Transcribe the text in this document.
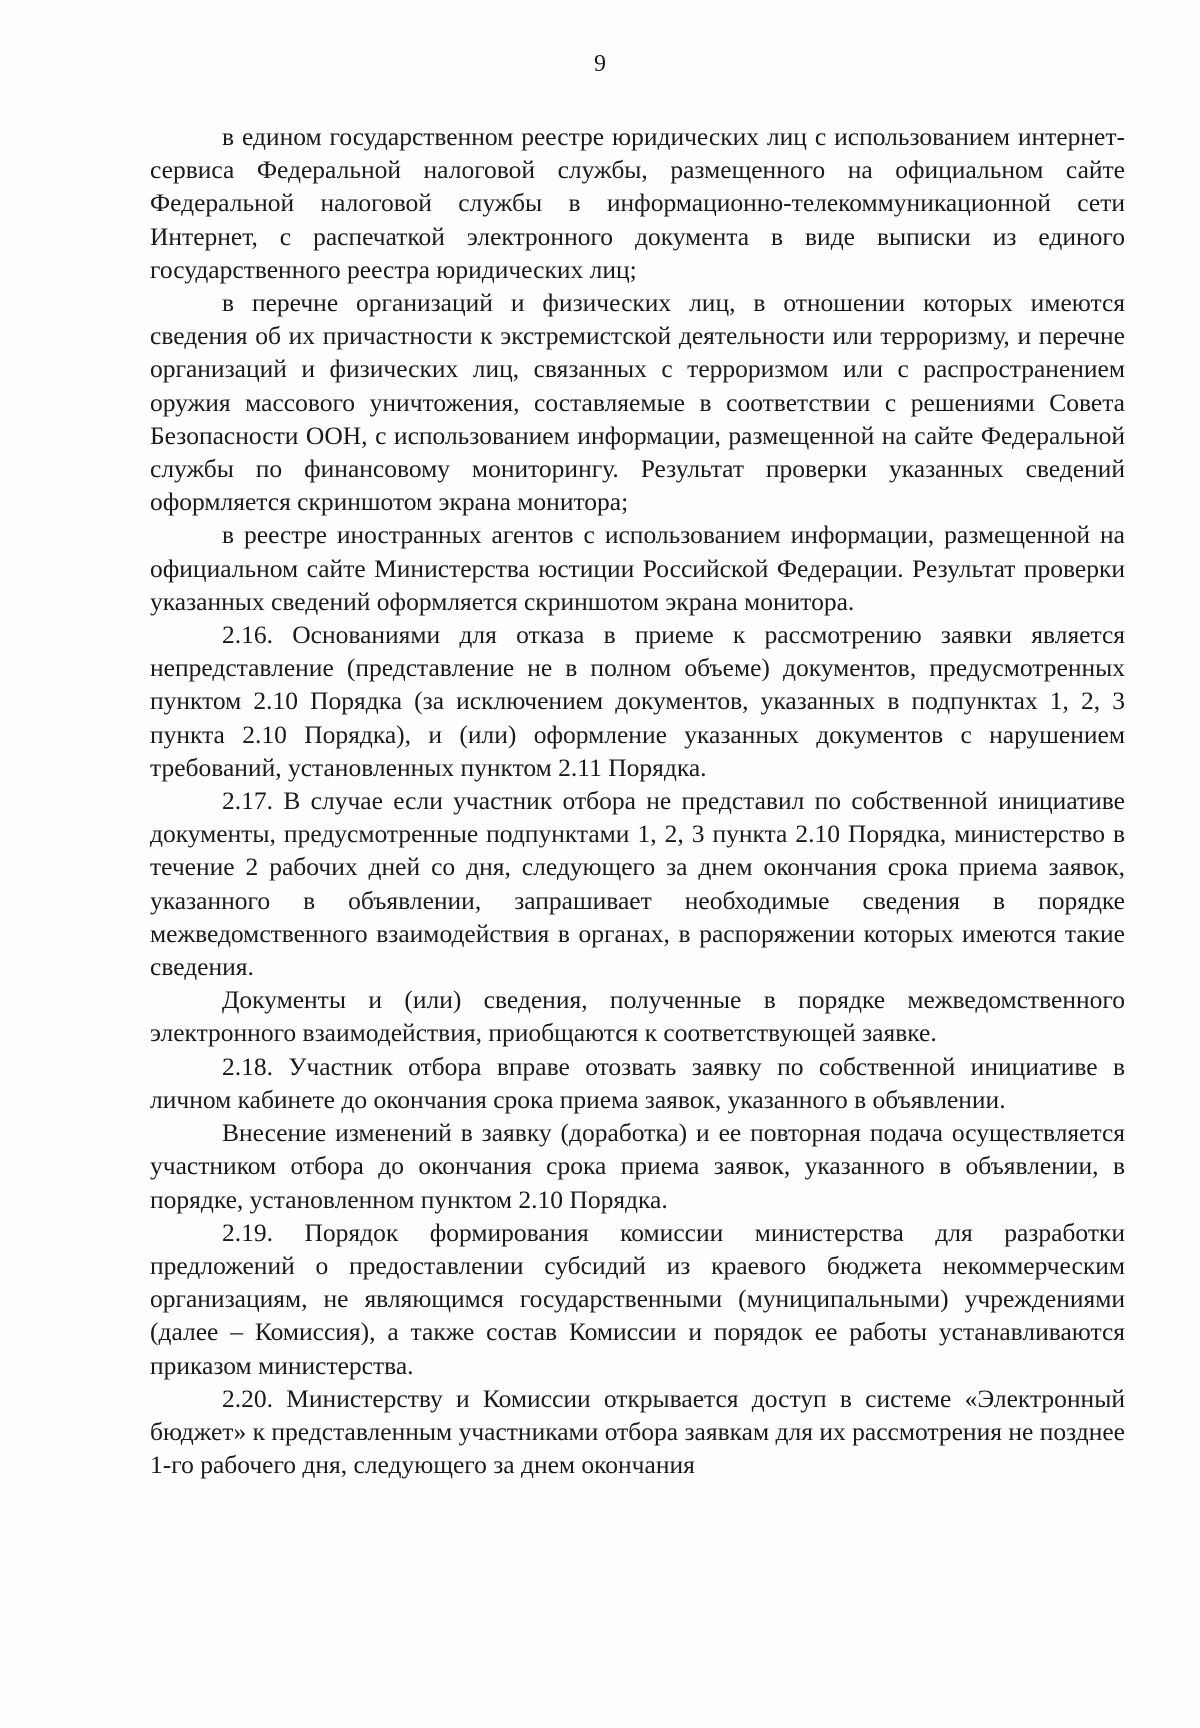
9

в едином государственном реестре юридических лиц с использованием интернет-сервиса Федеральной налоговой службы, размещенного на официальном сайте Федеральной налоговой службы в информационно-телекоммуникационной сети Интернет, с распечаткой электронного документа в виде выписки из единого государственного реестра юридических лиц;

в перечне организаций и физических лиц, в отношении которых имеются сведения об их причастности к экстремистской деятельности или терроризму, и перечне организаций и физических лиц, связанных с терроризмом или с распространением оружия массового уничтожения, составляемые в соответствии с решениями Совета Безопасности ООН, с использованием информации, размещенной на сайте Федеральной службы по финансовому мониторингу. Результат проверки указанных сведений оформляется скриншотом экрана монитора;

в реестре иностранных агентов с использованием информации, размещенной на официальном сайте Министерства юстиции Российской Федерации. Результат проверки указанных сведений оформляется скриншотом экрана монитора.

2.16. Основаниями для отказа в приеме к рассмотрению заявки является непредставление (представление не в полном объеме) документов, предусмотренных пунктом 2.10 Порядка (за исключением документов, указанных в подпунктах 1, 2, 3 пункта 2.10 Порядка), и (или) оформление указанных документов с нарушением требований, установленных пунктом 2.11 Порядка.

2.17. В случае если участник отбора не представил по собственной инициативе документы, предусмотренные подпунктами 1, 2, 3 пункта 2.10 Порядка, министерство в течение 2 рабочих дней со дня, следующего за днем окончания срока приема заявок, указанного в объявлении, запрашивает необходимые сведения в порядке межведомственного взаимодействия в органах, в распоряжении которых имеются такие сведения.

Документы и (или) сведения, полученные в порядке межведомственного электронного взаимодействия, приобщаются к соответствующей заявке.

2.18. Участник отбора вправе отозвать заявку по собственной инициативе в личном кабинете до окончания срока приема заявок, указанного в объявлении.

Внесение изменений в заявку (доработка) и ее повторная подача осуществляется участником отбора до окончания срока приема заявок, указанного в объявлении, в порядке, установленном пунктом 2.10 Порядка.

2.19. Порядок формирования комиссии министерства для разработки предложений о предоставлении субсидий из краевого бюджета некоммерческим организациям, не являющимся государственными (муниципальными) учреждениями (далее – Комиссия), а также состав Комиссии и порядок ее работы устанавливаются приказом министерства.

2.20. Министерству и Комиссии открывается доступ в системе «Электронный бюджет» к представленным участниками отбора заявкам для их рассмотрения не позднее 1-го рабочего дня, следующего за днем окончания
